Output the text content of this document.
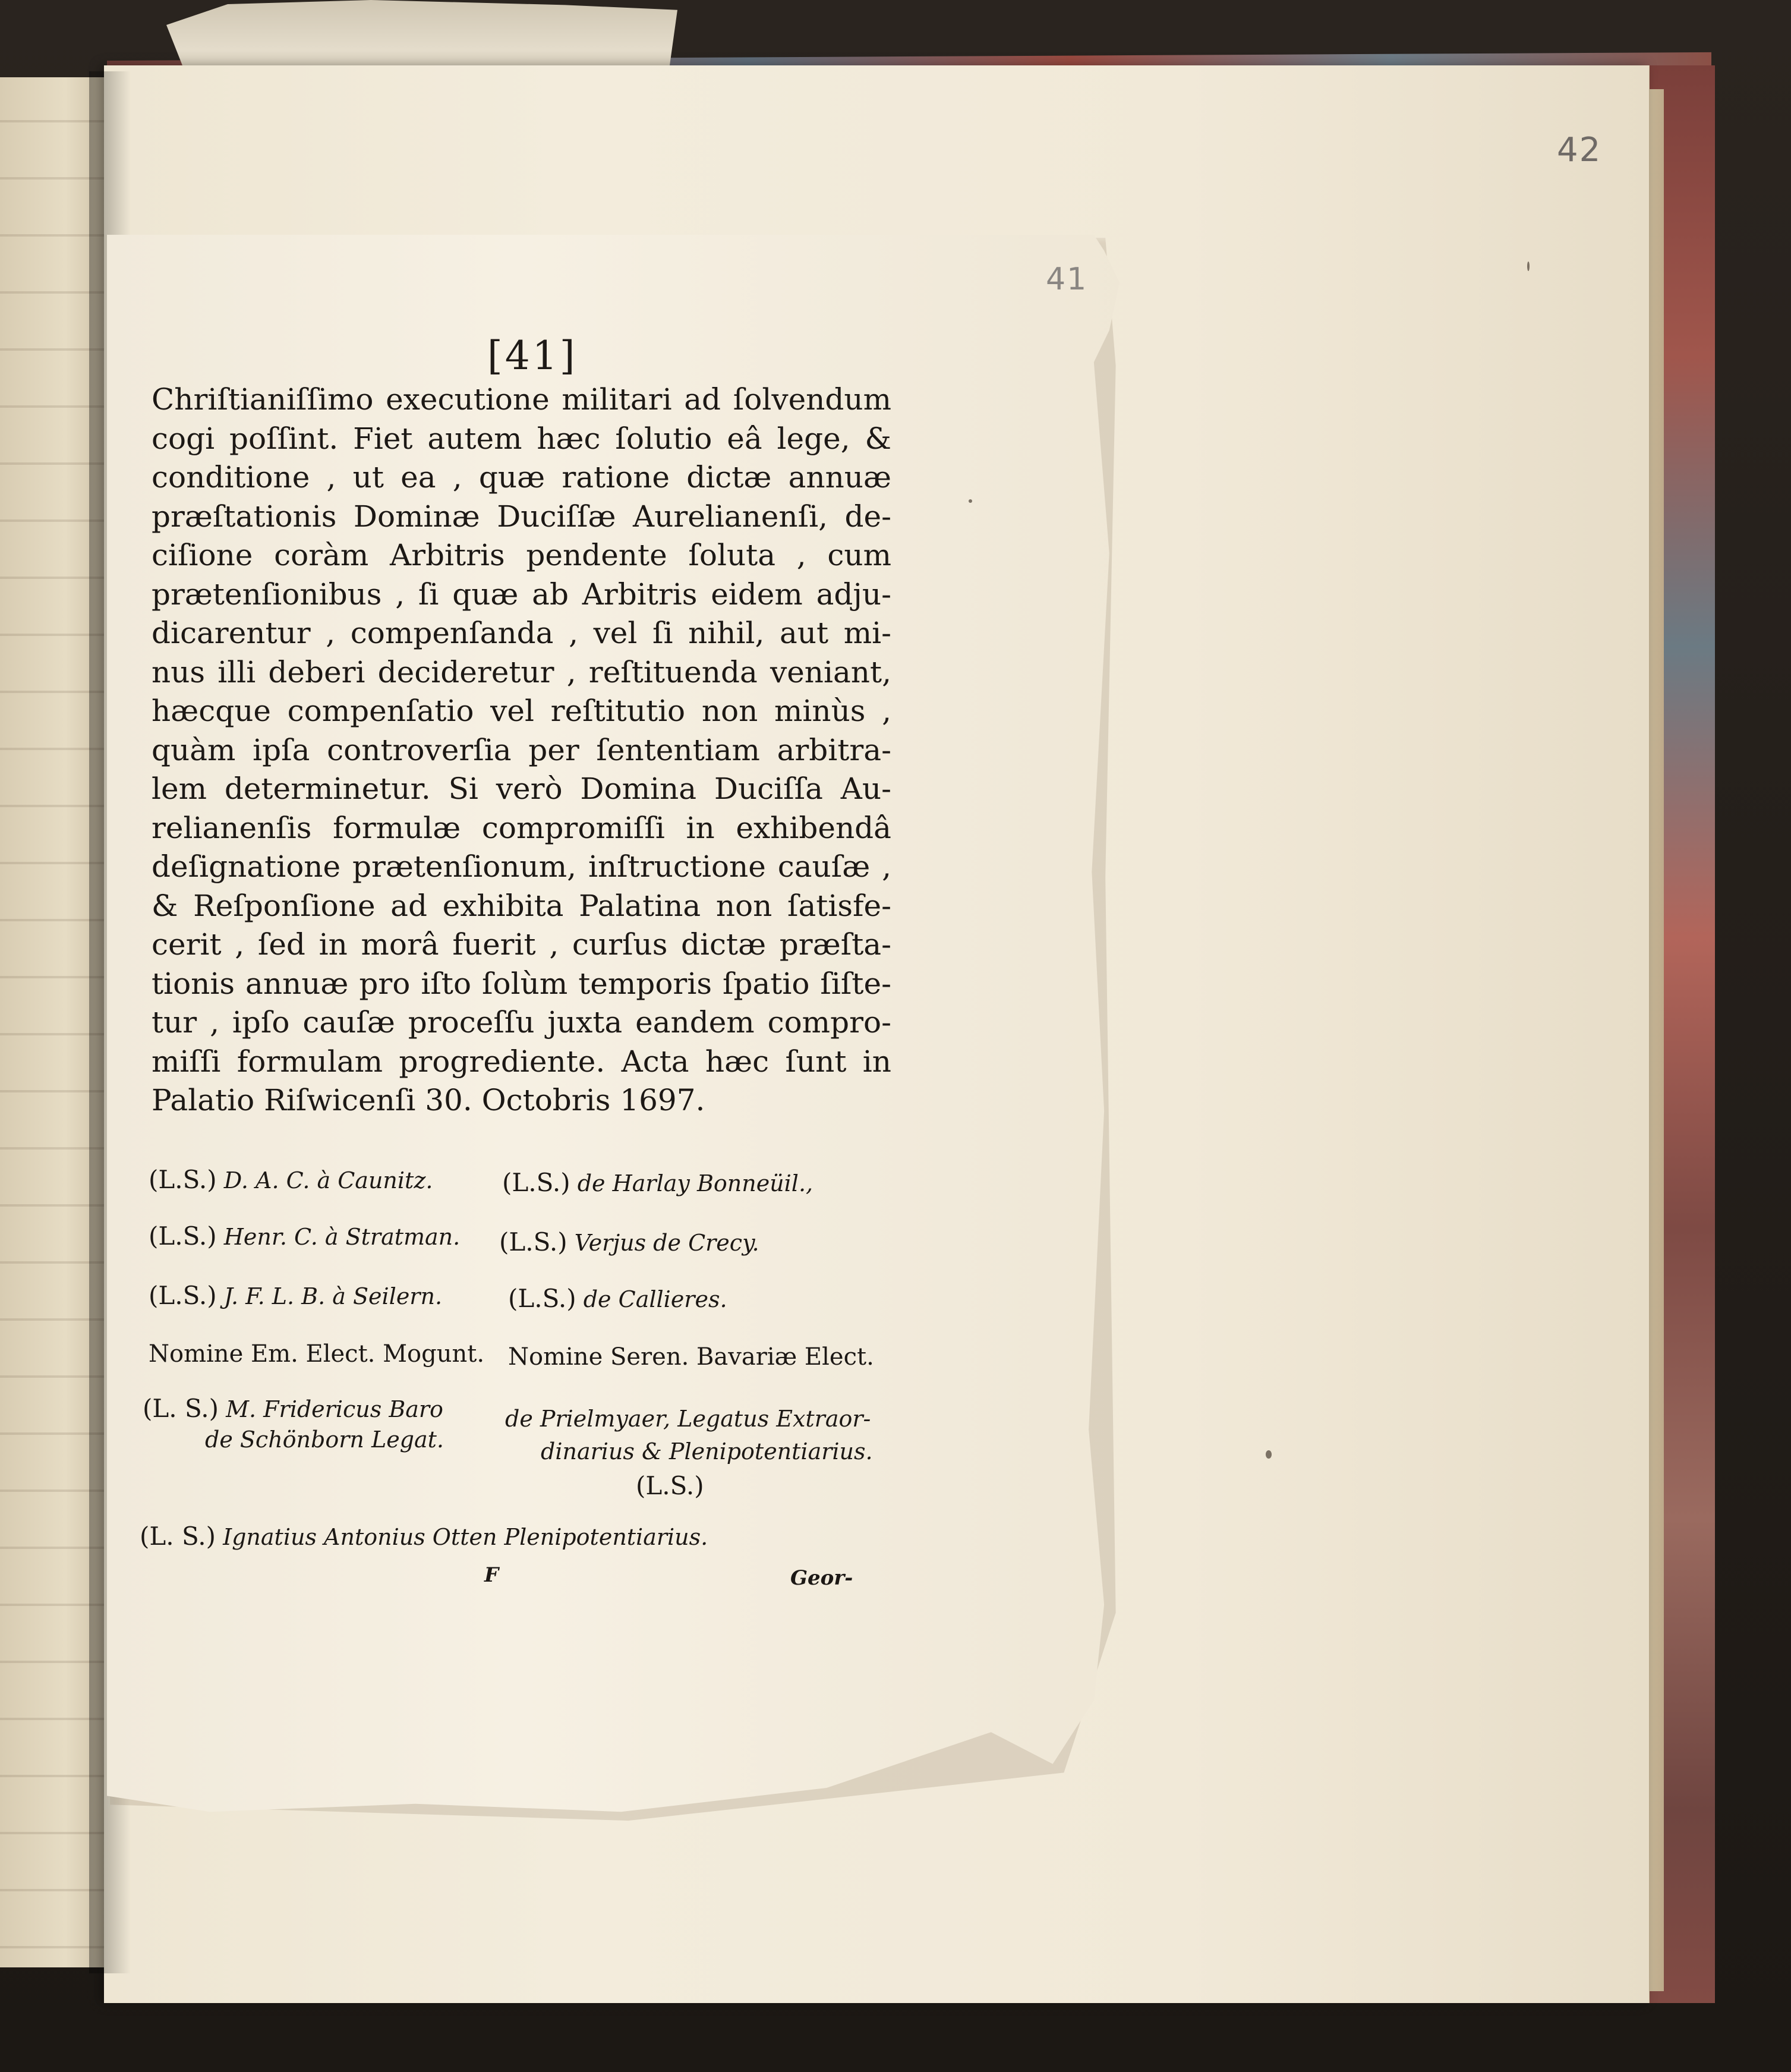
42
41
[41]
Chriſtianiſſimo executione militari ad ſolvendum
cogi poſſint. Fiet autem hæc ſolutio eâ lege, &
conditione , ut ea , quæ ratione dictæ annuæ
præſtationis Dominæ Duciſſæ Aurelianenſi, de-
ciſione coràm Arbitris pendente ſoluta , cum
prætenſionibus , ſi quæ ab Arbitris eidem adju-
dicarentur , compenſanda , vel ſi nihil, aut mi-
nus illi deberi decideretur , reſtituenda veniant,
hæcque compenſatio vel reſtitutio non minùs ,
quàm ipſa controverſia per ſententiam arbitra-
lem determinetur. Si verò Domina Duciſſa Au-
relianenſis formulæ compromiſſi in exhibendâ
deſignatione prætenſionum, inſtructione cauſæ ,
& Reſponſione ad exhibita Palatina non ſatisfe-
cerit , ſed in morâ fuerit , curſus dictæ præſta-
tionis annuæ pro iſto ſolùm temporis ſpatio ſiſte-
tur , ipſo cauſæ proceſſu juxta eandem compro-
miſſi formulam progrediente. Acta hæc ſunt in
Palatio Riſwicenſi 30. Octobris 1697.
(L.S.) D. A. C. à Caunitz.	(L.S.) de Harlay Bonneüil.,
(L.S.) Henr. C. à Stratman. (L.S.) Verjus de Crecy.
(L.S.) J. F. L. B. à Seilern.	(L.S.) de Callieres.
Nomine Em. Elect. Mogunt. Nomine Seren. Bavariæ Elect.
(L. S.) M. Fridericus Baro
de Schönborn Legat.
de Prielmyaer, Legatus Extraor-
dinarius & Plenipotentiarius.
(L.S.)
(L. S.) Ignatius Antonius Otten Plenipotentiarius.
F	Geor-
